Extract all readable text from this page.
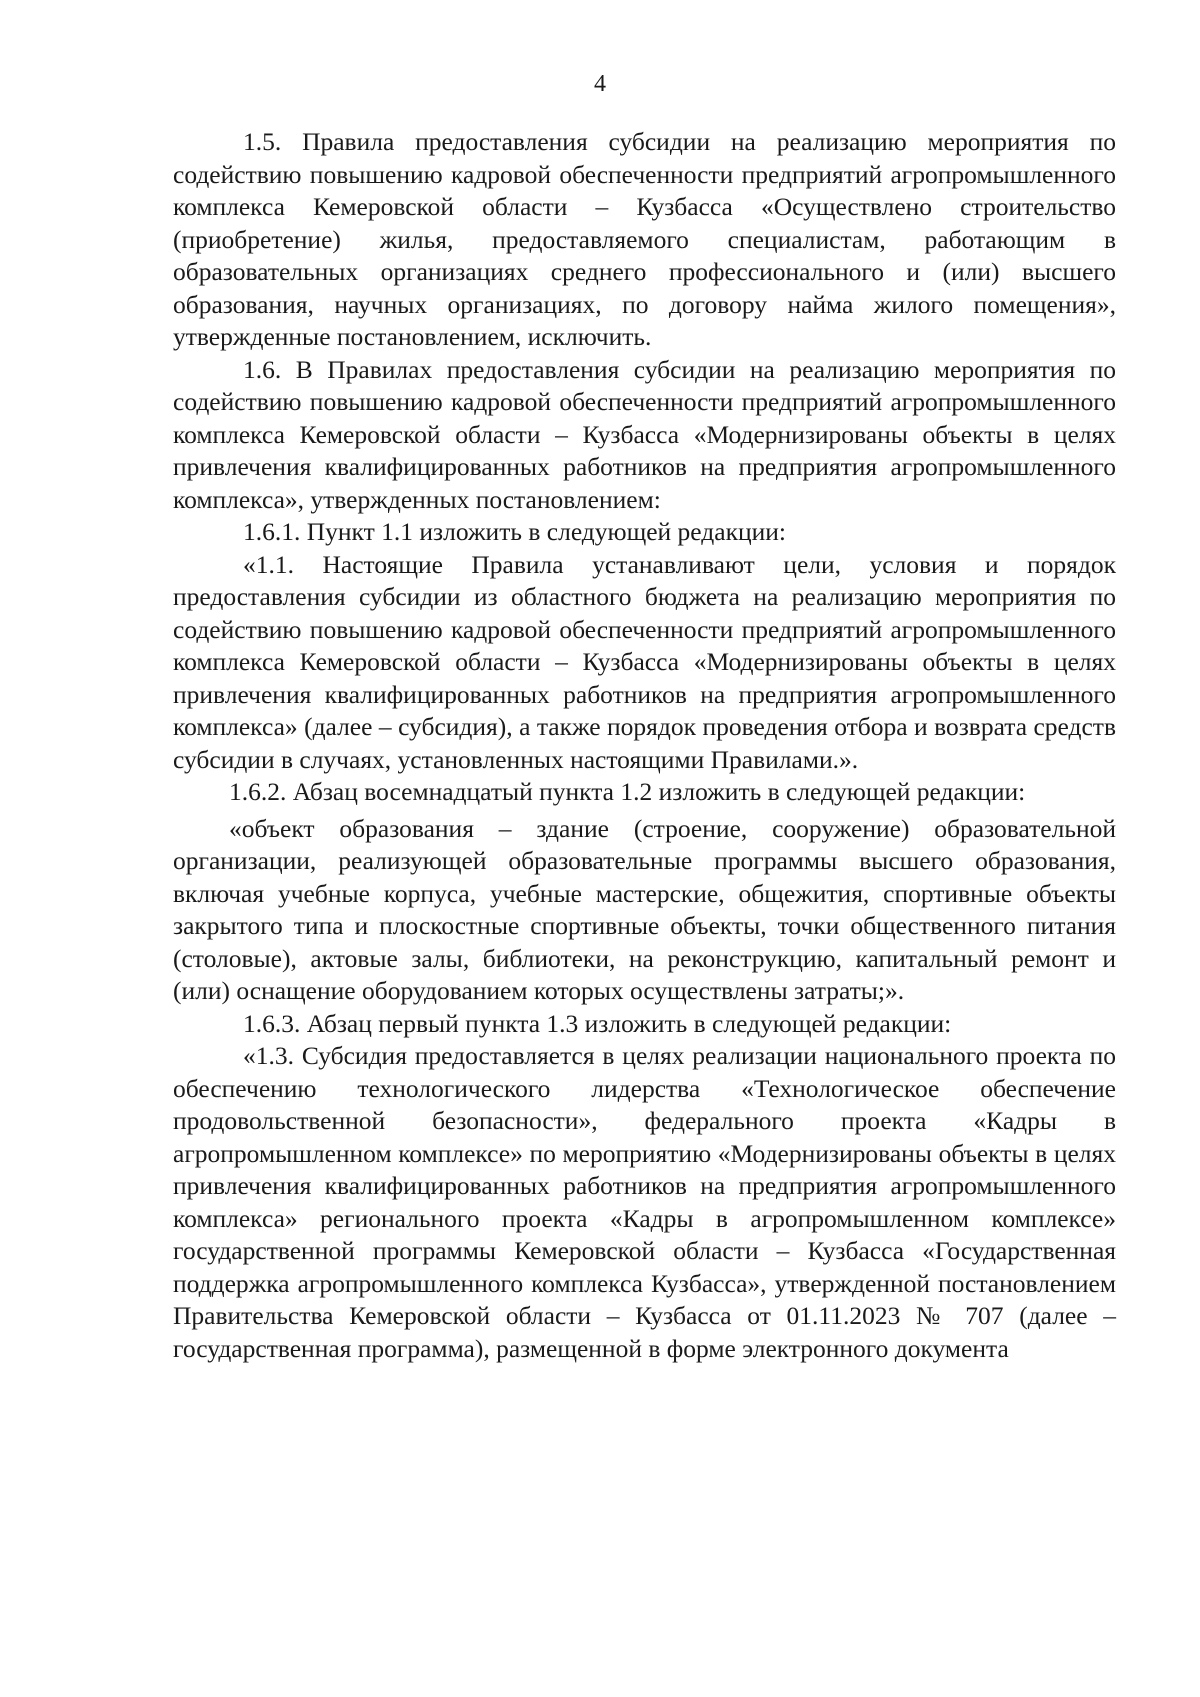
4

1.5. Правила предоставления субсидии на реализацию мероприятия по содействию повышению кадровой обеспеченности предприятий агропромышленного комплекса Кемеровской области – Кузбасса «Осуществлено строительство (приобретение) жилья, предоставляемого специалистам, работающим в образовательных организациях среднего профессионального и (или) высшего образования, научных организациях, по договору найма жилого помещения», утвержденные постановлением, исключить.

1.6. В Правилах предоставления субсидии на реализацию мероприятия по содействию повышению кадровой обеспеченности предприятий агропромышленного комплекса Кемеровской области – Кузбасса «Модернизированы объекты в целях привлечения квалифицированных работников на предприятия агропромышленного комплекса», утвержденных постановлением:

1.6.1. Пункт 1.1 изложить в следующей редакции:

«1.1. Настоящие Правила устанавливают цели, условия и порядок предоставления субсидии из областного бюджета на реализацию мероприятия по содействию повышению кадровой обеспеченности предприятий агропромышленного комплекса Кемеровской области – Кузбасса «Модернизированы объекты в целях привлечения квалифицированных работников на предприятия агропромышленного комплекса» (далее – субсидия), а также порядок проведения отбора и возврата средств субсидии в случаях, установленных настоящими Правилами.».

1.6.2. Абзац восемнадцатый пункта 1.2 изложить в следующей редакции:

«объект образования – здание (строение, сооружение) образовательной организации, реализующей образовательные программы высшего образования, включая учебные корпуса, учебные мастерские, общежития, спортивные объекты закрытого типа и плоскостные спортивные объекты, точки общественного питания (столовые), актовые залы, библиотеки, на реконструкцию, капитальный ремонт и (или) оснащение оборудованием которых осуществлены затраты;».

1.6.3. Абзац первый пункта 1.3 изложить в следующей редакции:

«1.3. Субсидия предоставляется в целях реализации национального проекта по обеспечению технологического лидерства «Технологическое обеспечение продовольственной безопасности», федерального проекта «Кадры в агропромышленном комплексе» по мероприятию «Модернизированы объекты в целях привлечения квалифицированных работников на предприятия агропромышленного комплекса» регионального проекта «Кадры в агропромышленном комплексе» государственной программы Кемеровской области – Кузбасса «Государственная поддержка агропромышленного комплекса Кузбасса», утвержденной постановлением Правительства Кемеровской области – Кузбасса от 01.11.2023 № 707 (далее – государственная программа), размещенной в форме электронного документа
